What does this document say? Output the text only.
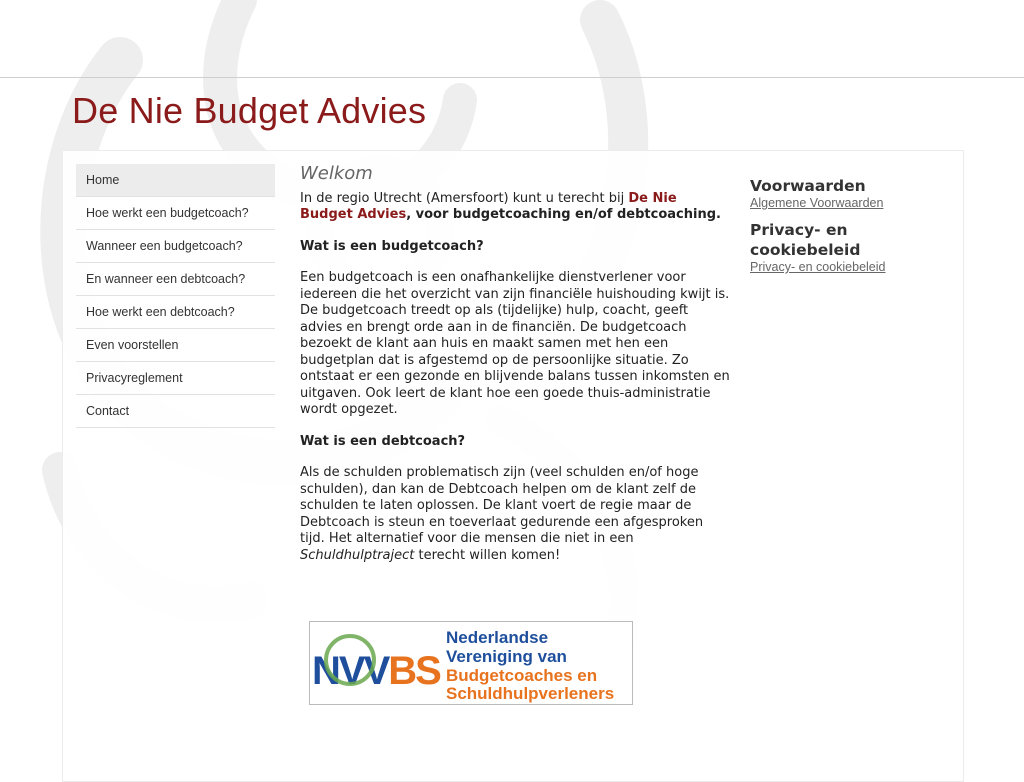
De Nie Budget Advies
Home
Hoe werkt een budgetcoach?
Wanneer een budgetcoach?
En wanneer een debtcoach?
Hoe werkt een debtcoach?
Even voorstellen
Privacyreglement
Contact
Welkom

In de regio Utrecht (Amersfoort) kunt u terecht bij De Nie Budget Advies, voor budgetcoaching en/of debtcoaching.

Wat is een budgetcoach?

Een budgetcoach is een onafhankelijke dienstverlener voor iedereen die het overzicht van zijn financiële huishouding kwijt is. De budgetcoach treedt op als (tijdelijke) hulp, coacht, geeft advies en brengt orde aan in de financiën. De budgetcoach bezoekt de klant aan huis en maakt samen met hen een budgetplan dat is afgestemd op de persoonlijke situatie. Zo ontstaat er een gezonde en blijvende balans tussen inkomsten en uitgaven. Ook leert de klant hoe een goede thuis-administratie wordt opgezet.

Wat is een debtcoach?

Als de schulden problematisch zijn (veel schulden en/of hoge schulden), dan kan de Debtcoach helpen om de klant zelf de schulden te laten oplossen. De klant voert de regie maar de Debtcoach is steun en toeverlaat gedurende een afgesproken tijd. Het alternatief voor die mensen die niet in een Schuldhulptraject terecht willen komen!

NVVBS
Nederlandse
Vereniging van
Budgetcoaches en
Schuldhulpverleners
Voorwaarden
Algemene Voorwaarden
Privacy- en cookiebeleid
Privacy- en cookiebeleid
